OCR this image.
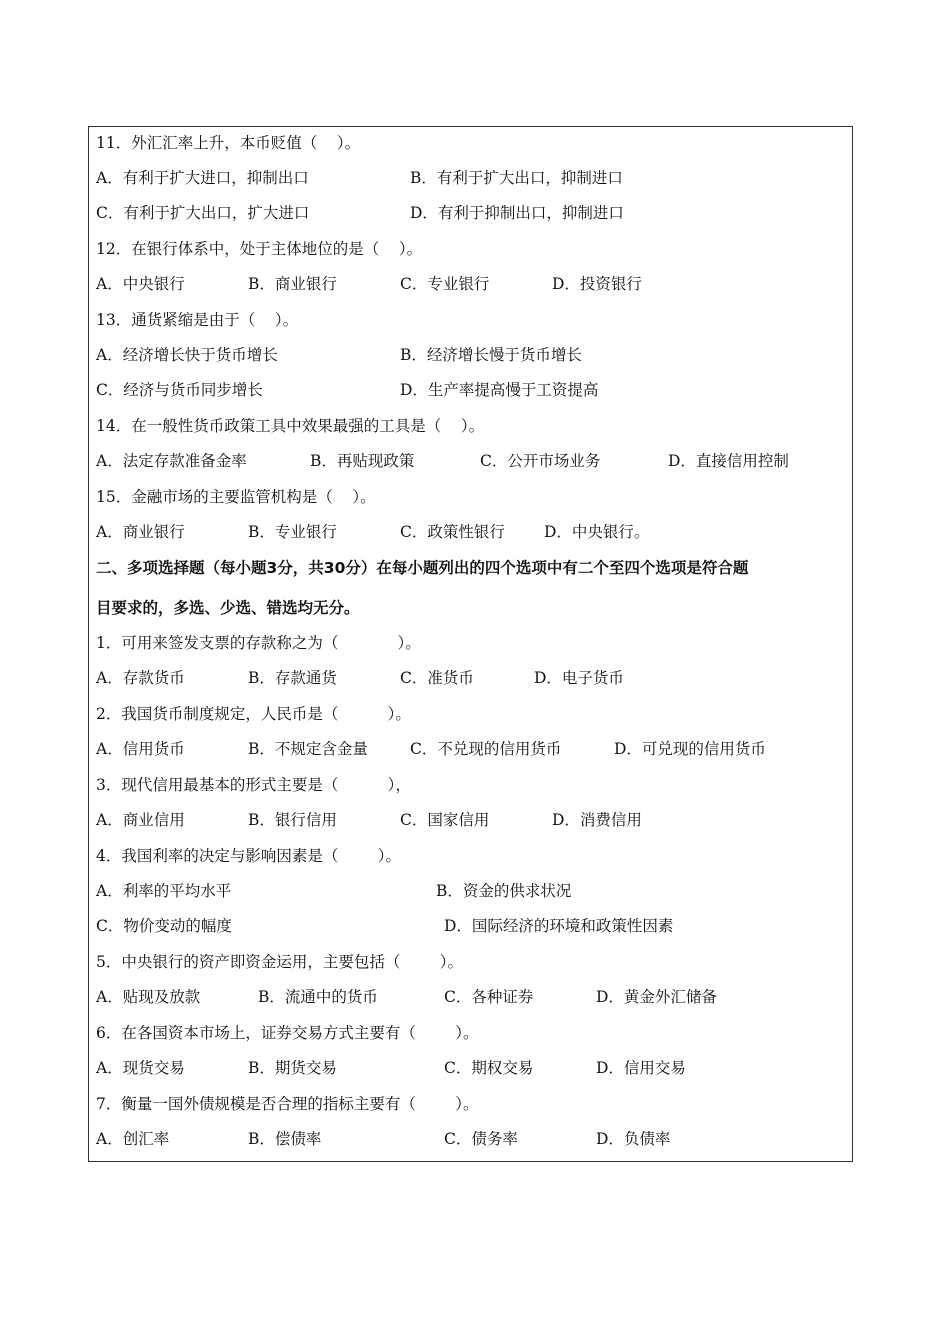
11．外汇汇率上升，本币贬值（    ）。

A．有利于扩大进口，抑制出口

	B．有利于扩大出口，抑制进口

C．有利于扩大出口，扩大进口

	D．有利于抑制出口，抑制进口

12．在银行体系中，处于主体地位的是（    ）。

A．中央银行

	B．商业银行

	C．专业银行

	D．投资银行

13．通货紧缩是由于（    ）。

A．经济增长快于货币增长

	B．经济增长慢于货币增长

C．经济与货币同步增长

	D．生产率提高慢于工资提高

14．在一般性货币政策工具中效果最强的工具是（    ）。

A．法定存款准备金率

	B．再贴现政策

	C．公开市场业务

	D．直接信用控制

15．金融市场的主要监管机构是（    ）。

A．商业银行

	B．专业银行

	C．政策性银行

	D．中央银行。

二、多项选择题（每小题3分，共30分）在每小题列出的四个选项中有二个至四个选项是符合题
目要求的，多选、少选、错选均无分。
1．可用来签发支票的存款称之为（            ）。

A．存款货币

	B．存款通货

	C．准货币

	D．电子货币

2．我国货币制度规定，人民币是（          ）。

A．信用货币

	B．不规定含金量

	C．不兑现的信用货币

	D．可兑现的信用货币

3．现代信用最基本的形式主要是（          ），

A．商业信用

	B．银行信用

	C．国家信用

	D．消费信用

4．我国利率的决定与影响因素是（        ）。

A．利率的平均水平

	B．资金的供求状况

C．物价变动的幅度

	D．国际经济的环境和政策性因素

5．中央银行的资产即资金运用，主要包括（        ）。

A．贴现及放款

	B．流通中的货币

	C．各种证券

	D．黄金外汇储备

6．在各国资本市场上，证券交易方式主要有（        ）。

A．现货交易

	B．期货交易

	C．期权交易

	D．信用交易

7．衡量一国外债规模是否合理的指标主要有（        ）。

A．创汇率

	B．偿债率

	C．债务率

	D．负债率
